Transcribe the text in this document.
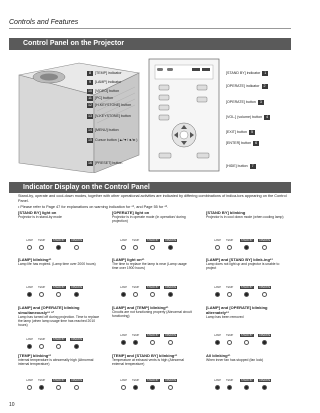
Controls and Features
Control Panel on the Projector
8	[TEMP] indicator
9	[LAMP] indicator
10 [VIDEO] button
11 [PC] button
12 [H-KEYSTONE] button
13 [V-KEYSTONE] button
14 [MENU] button
15 Cursor button (▲/▼/◄/►)
16 [PRESET] button
[STAND BY] indicator	1
[OPERATE] indicator	2
[OPERATE] button	3
[VOL.] (volume) button	4
[EXIT] button	5
[ENTER] button	6
[HIDE] button	7
Indicator Display on the Control Panel
Stand-by, operate and cool-down modes, together with other operational activities are indicated by differing combinations of indica-tors appearing on the Control Panel.
• Please refer to Page 47 for explanations on warning indication for *¹, and Page 55 for *².
[STAND BY] light on
Projector is in stand-by mode
LAMP TEMP	STAND BY	OPERATE
[OPERATE] light on
Projector is in operate mode (In operation/ during projection)
LAMP TEMP	STAND BY	OPERATE
[STAND BY] blinking
Projector is in cool down mode (when cooling lamp)
LAMP TEMP	STAND BY	OPERATE
[LAMP] blinking*¹
Lamp life has expired. (Lamp time over 2000 hours)
LAMP TEMP	STAND BY	OPERATE
[LAMP] light on*¹
The time to replace the lamp is near (Lamp usage time over 1900 hours)
LAMP TEMP	STAND BY	OPERATE
[LAMP] and [STAND BY] blink-ing*¹
Lamp does not light up and projector is unable to project
LAMP TEMP	STAND BY	OPERATE
[LAMP] and [OPERATE] blinking simultaneously*¹ *²
Lamp has turned off during projection. Time to replace the lamp (when lamp usage time has reached 2010 hours)
LAMP TEMP	STAND BY	OPERATE
[LAMP] and [TEMP] blinking*¹
Circuits are not functioning properly (Abnormal circuit functioning)
LAMP TEMP	STAND BY	OPERATE
[LAMP] and [OPERATE] blinking alternately*¹
Lamp has been removed
LAMP TEMP	STAND BY	OPERATE
[TEMP] blinking*¹
Internal temperature is abnormally high (Abnormal internal temperature)
LAMP TEMP	STAND BY	OPERATE
[TEMP] and [STAND BY] blinking*¹
Temperature at exhaust vents is high (Abnormal external temperature)
LAMP TEMP	STAND BY	OPERATE
All blinking*¹
When inner fan has stopped (fan lock)
LAMP TEMP	STAND BY	OPERATE
10
